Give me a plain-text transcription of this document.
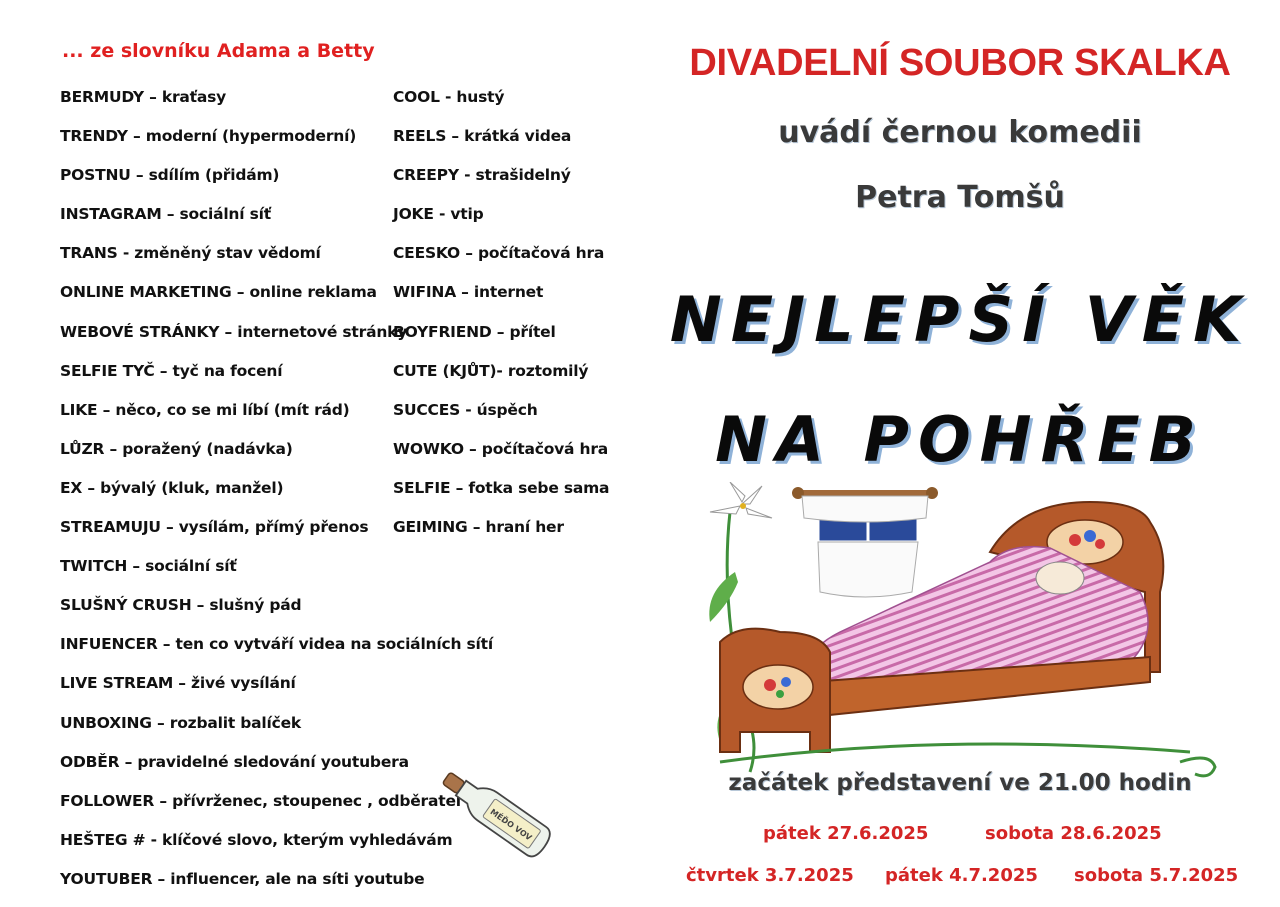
... ze slovníku Adama a Betty
BERMUDY – kraťasy
TRENDY – moderní (hypermoderní)
POSTNU – sdílím (přidám)
INSTAGRAM – sociální síť
TRANS - změněný stav vědomí
ONLINE MARKETING – online reklama
WEBOVÉ STRÁNKY – internetové stránky
SELFIE TYČ – tyč na focení
LIKE – něco, co se mi líbí (mít rád)
LŮZR – poražený (nadávka)
EX – bývalý (kluk, manžel)
STREAMUJU – vysílám, přímý přenos
TWITCH – sociální síť
SLUŠNÝ CRUSH – slušný pád
INFUENCER – ten co vytváří videa na sociálních sítí
LIVE STREAM – živé vysílání
UNBOXING – rozbalit balíček
ODBĚR – pravidelné sledování youtubera
FOLLOWER – přívrženec, stoupenec , odběratel
HEŠTEG # - klíčové slovo, kterým vyhledávám
YOUTUBER – influencer, ale na síti youtube
COOL - hustý
REELS – krátká videa
CREEPY - strašidelný
JOKE - vtip
CEESKO – počítačová hra
WIFINA – internet
BOYFRIEND – přítel
CUTE (KJŮT)- roztomilý
SUCCES - úspěch
WOWKO – počítačová hra
SELFIE – fotka sebe sama
GEIMING – hraní her
MÉĎO VOV
DIVADELNÍ SOUBOR SKALKA
uvádí černou komedii
Petra Tomšů
NEJLEPŠÍ VĚK
NA POHŘEB
začátek představení ve 21.00 hodin
pátek 27.6.2025	sobota 28.6.2025
čtvrtek 3.7.2025 pátek 4.7.2025 sobota 5.7.2025
